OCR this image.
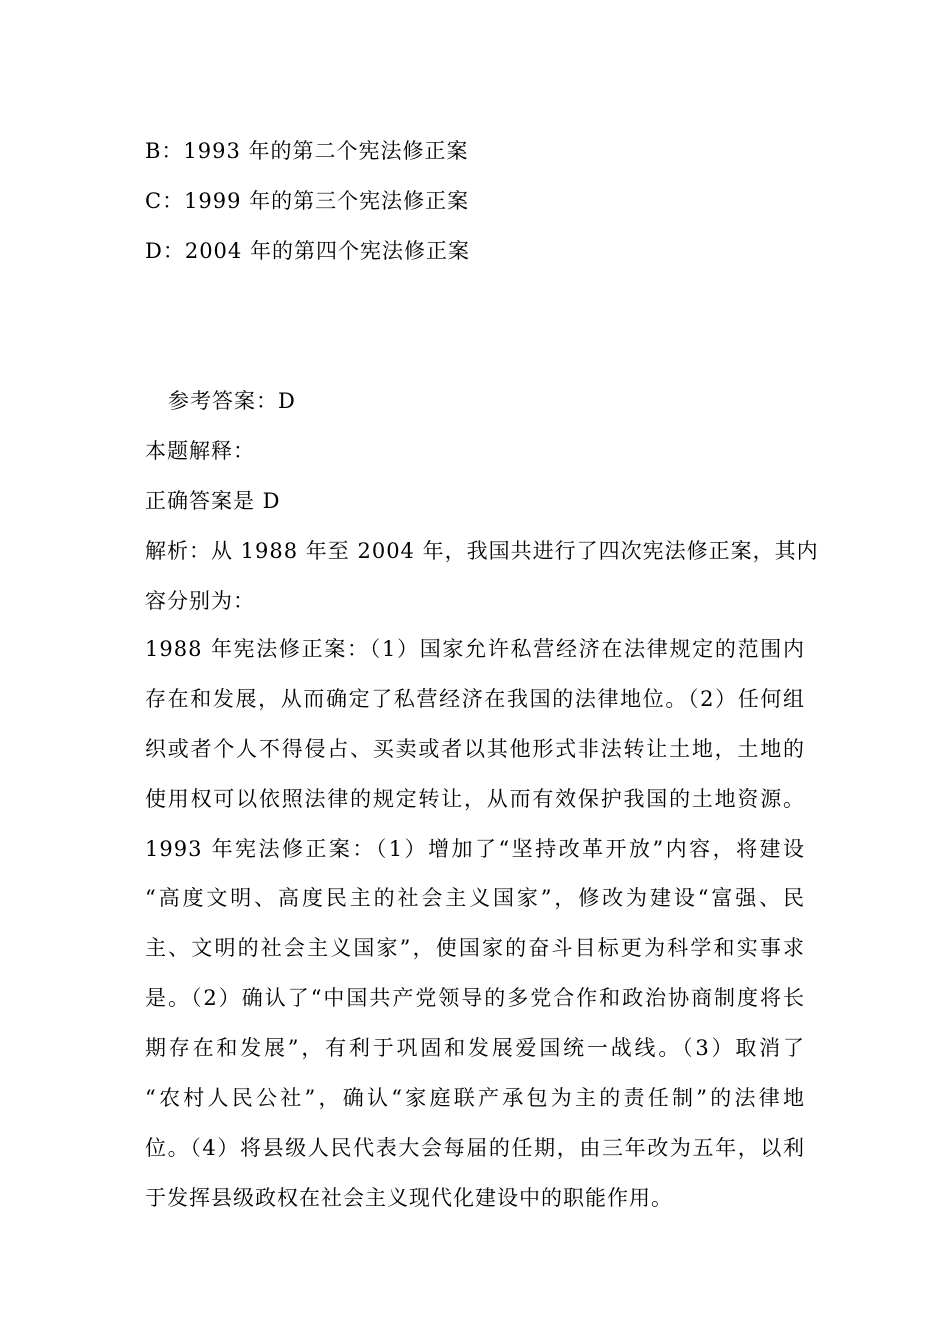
B：1993 年的第二个宪法修正案
C：1999 年的第三个宪法修正案
D：2004 年的第四个宪法修正案
参考答案：D
本题解释：
正确答案是 D
解析：从 1988 年至 2004 年，我国共进行了四次宪法修正案，其内
容分别为：
1988 年宪法修正案：（1）国家允许私营经济在法律规定的范围内
存在和发展，从而确定了私营经济在我国的法律地位。（2）任何组
织或者个人不得侵占、买卖或者以其他形式非法转让土地，土地的
使用权可以依照法律的规定转让，从而有效保护我国的土地资源。
1993 年宪法修正案：（1）增加了“坚持改革开放”内容，将建设
“高度文明、高度民主的社会主义国家”，修改为建设“富强、民
主、文明的社会主义国家”，使国家的奋斗目标更为科学和实事求
是。（2）确认了“中国共产党领导的多党合作和政治协商制度将长
期存在和发展”，有利于巩固和发展爱国统一战线。（3）取消了
“农村人民公社”，确认“家庭联产承包为主的责任制”的法律地
位。（4）将县级人民代表大会每届的任期，由三年改为五年，以利
于发挥县级政权在社会主义现代化建设中的职能作用。
